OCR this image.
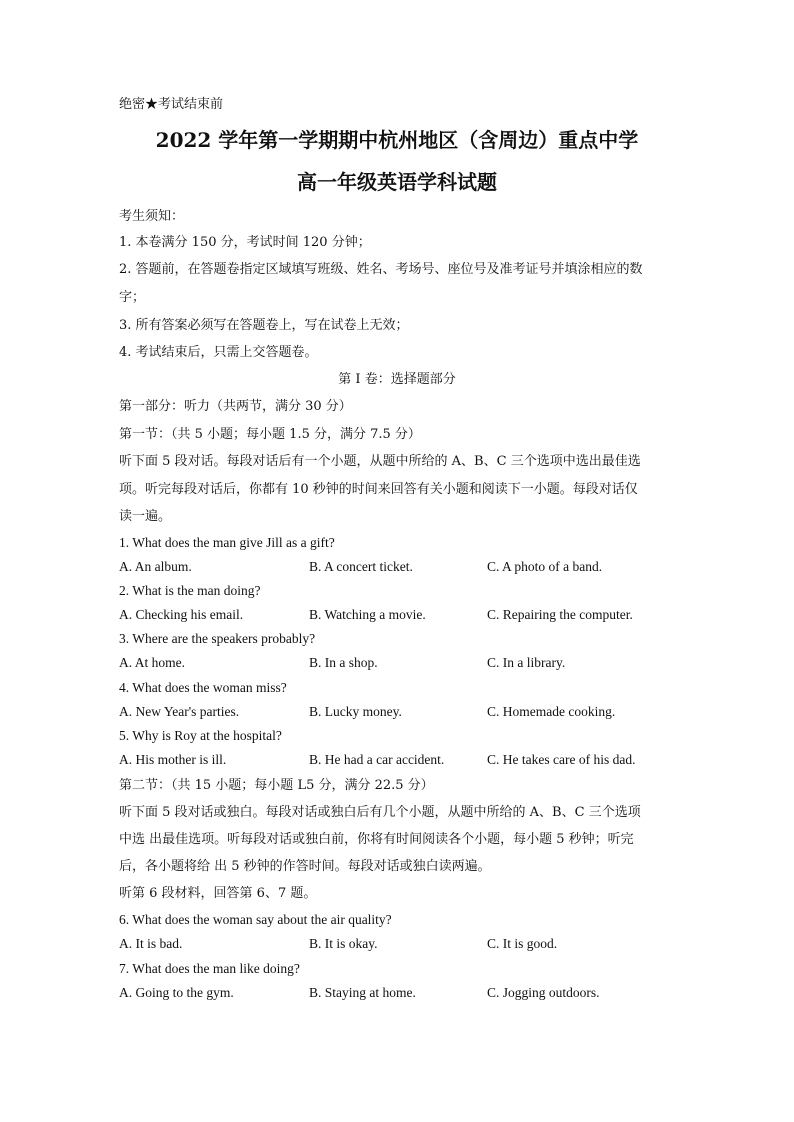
绝密★考试结束前
2022 学年第一学期期中杭州地区（含周边）重点中学
高一年级英语学科试题
考生须知：
1. 本卷满分 150 分，考试时间 120 分钟；
2. 答题前，在答题卷指定区域填写班级、姓名、考场号、座位号及准考证号并填涂相应的数
字；
3. 所有答案必须写在答题卷上，写在试卷上无效；
4. 考试结束后，只需上交答题卷。
第 I 卷：选择题部分
第一部分：听力（共两节，满分 30 分）
第一节：（共 5 小题；每小题 1.5 分，满分 7.5 分）
听下面 5 段对话。每段对话后有一个小题，从题中所给的 A、B、C 三个选项中选出最佳选
项。听完每段对话后，你都有 10 秒钟的时间来回答有关小题和阅读下一小题。每段对话仅
读一遍。
1. What does the man give Jill as a gift?
A. An album.	B. A concert ticket.	C. A photo of a band.
2. What is the man doing?
A. Checking his email.	B. Watching a movie.	C. Repairing the computer.
3. Where are the speakers probably?
A. At home.	B. In a shop.	C. In a library.
4. What does the woman miss?
A. New Year's parties.	B. Lucky money.	C. Homemade cooking.
5. Why is Roy at the hospital?
A. His mother is ill.	B. He had a car accident.	C. He takes care of his dad.
第二节：（共 15 小题；每小题 L5 分，满分 22.5 分）
听下面 5 段对话或独白。每段对话或独白后有几个小题，从题中所给的 A、B、C 三个选项
中选 出最佳选项。听每段对话或独白前，你将有时间阅读各个小题，每小题 5 秒钟；听完
后，各小题将给 出 5 秒钟的作答时间。每段对话或独白读两遍。
听第 6 段材料，回答第 6、7 题。
6. What does the woman say about the air quality?
A. It is bad.	B. It is okay.	C. It is good.
7. What does the man like doing?
A. Going to the gym.	B. Staying at home.	C. Jogging outdoors.
